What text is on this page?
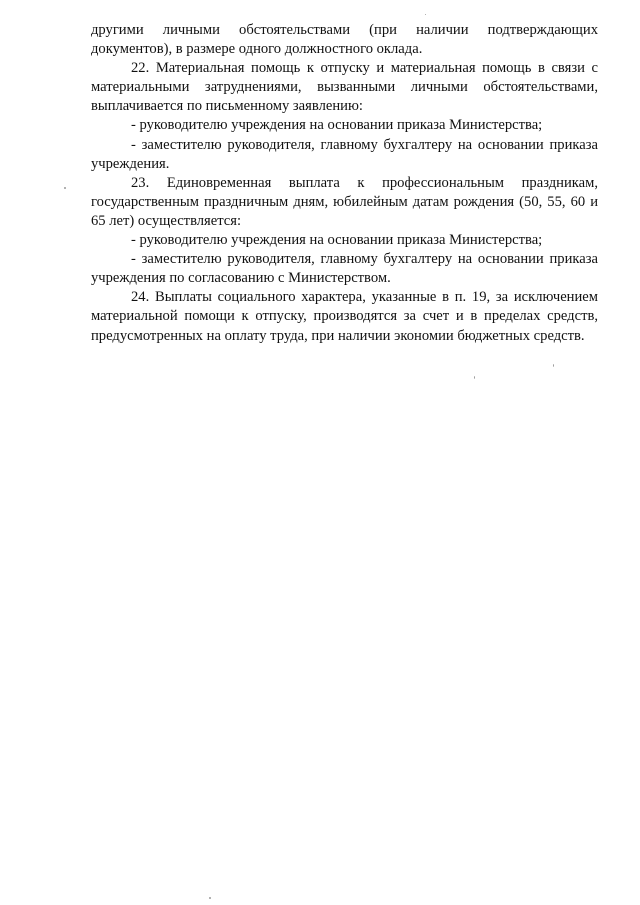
другими личными обстоятельствами (при наличии подтверждающих документов), в размере одного должностного оклада.

22. Материальная помощь к отпуску и материальная помощь в связи с материальными затруднениями, вызванными личными обстоятельствами, выплачивается по письменному заявлению:

- руководителю учреждения на основании приказа Министерства;

- заместителю руководителя, главному бухгалтеру на основании приказа учреждения.

23. Единовременная выплата к профессиональным праздникам, государственным праздничным дням, юбилейным датам рождения (50, 55, 60 и 65 лет) осуществляется:

- руководителю учреждения на основании приказа Министерства;

- заместителю руководителя, главному бухгалтеру на основании приказа учреждения по согласованию с Министерством.

24. Выплаты социального характера, указанные в п. 19, за исключением материальной помощи к отпуску, производятся за счет и в пределах средств, предусмотренных на оплату труда, при наличии экономии бюджетных средств.
